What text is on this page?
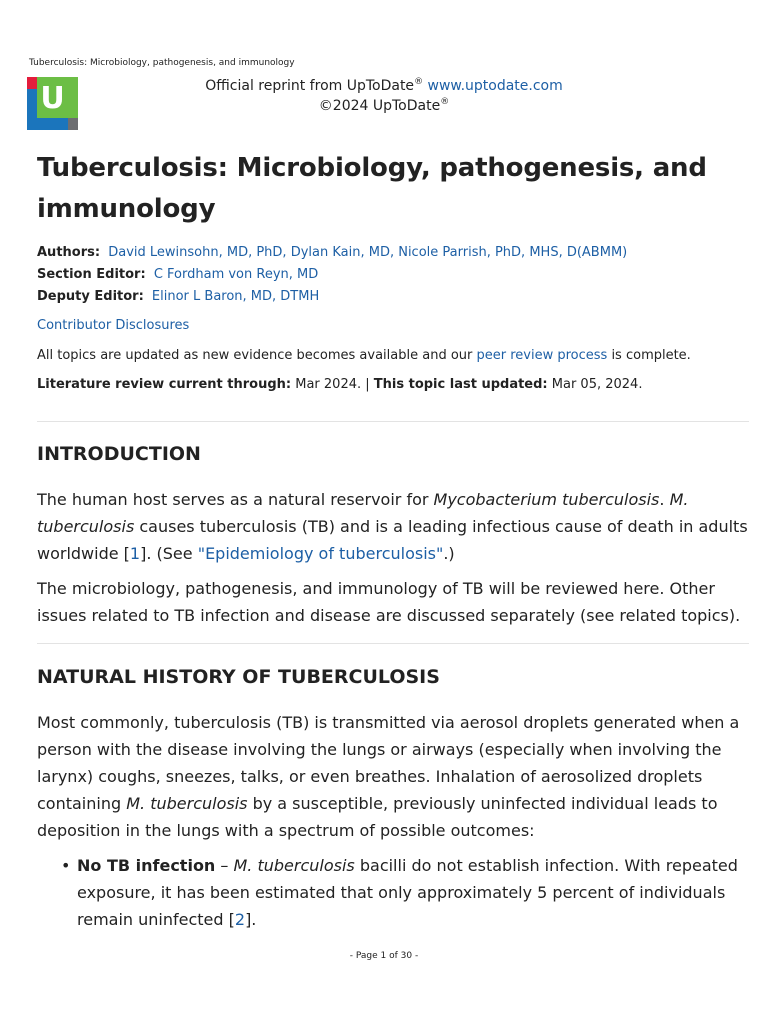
Tuberculosis: Microbiology, pathogenesis, and immunology
U	Official reprint from UpToDate® www.uptodate.com
©2024 UpToDate®
Tuberculosis: Microbiology, pathogenesis, and immunology
Authors: David Lewinsohn, MD, PhD, Dylan Kain, MD, Nicole Parrish, PhD, MHS, D(ABMM)
Section Editor: C Fordham von Reyn, MD
Deputy Editor: Elinor L Baron, MD, DTMH
Contributor Disclosures
All topics are updated as new evidence becomes available and our peer review process is complete.
Literature review current through: Mar 2024. | This topic last updated: Mar 05, 2024.
INTRODUCTION

The human host serves as a natural reservoir for Mycobacterium tuberculosis. M. tuberculosis causes tuberculosis (TB) and is a leading infectious cause of death in adults worldwide [1]. (See "Epidemiology of tuberculosis".)

The microbiology, pathogenesis, and immunology of TB will be reviewed here. Other issues related to TB infection and disease are discussed separately (see related topics).

NATURAL HISTORY OF TUBERCULOSIS

Most commonly, tuberculosis (TB) is transmitted via aerosol droplets generated when a person with the disease involving the lungs or airways (especially when involving the larynx) coughs, sneezes, talks, or even breathes. Inhalation of aerosolized droplets containing M. tuberculosis by a susceptible, previously uninfected individual leads to deposition in the lungs with a spectrum of possible outcomes:

• No TB infection – M. tuberculosis bacilli do not establish infection. With repeated exposure, it has been estimated that only approximately 5 percent of individuals remain uninfected [2].
- Page 1 of 30 -
